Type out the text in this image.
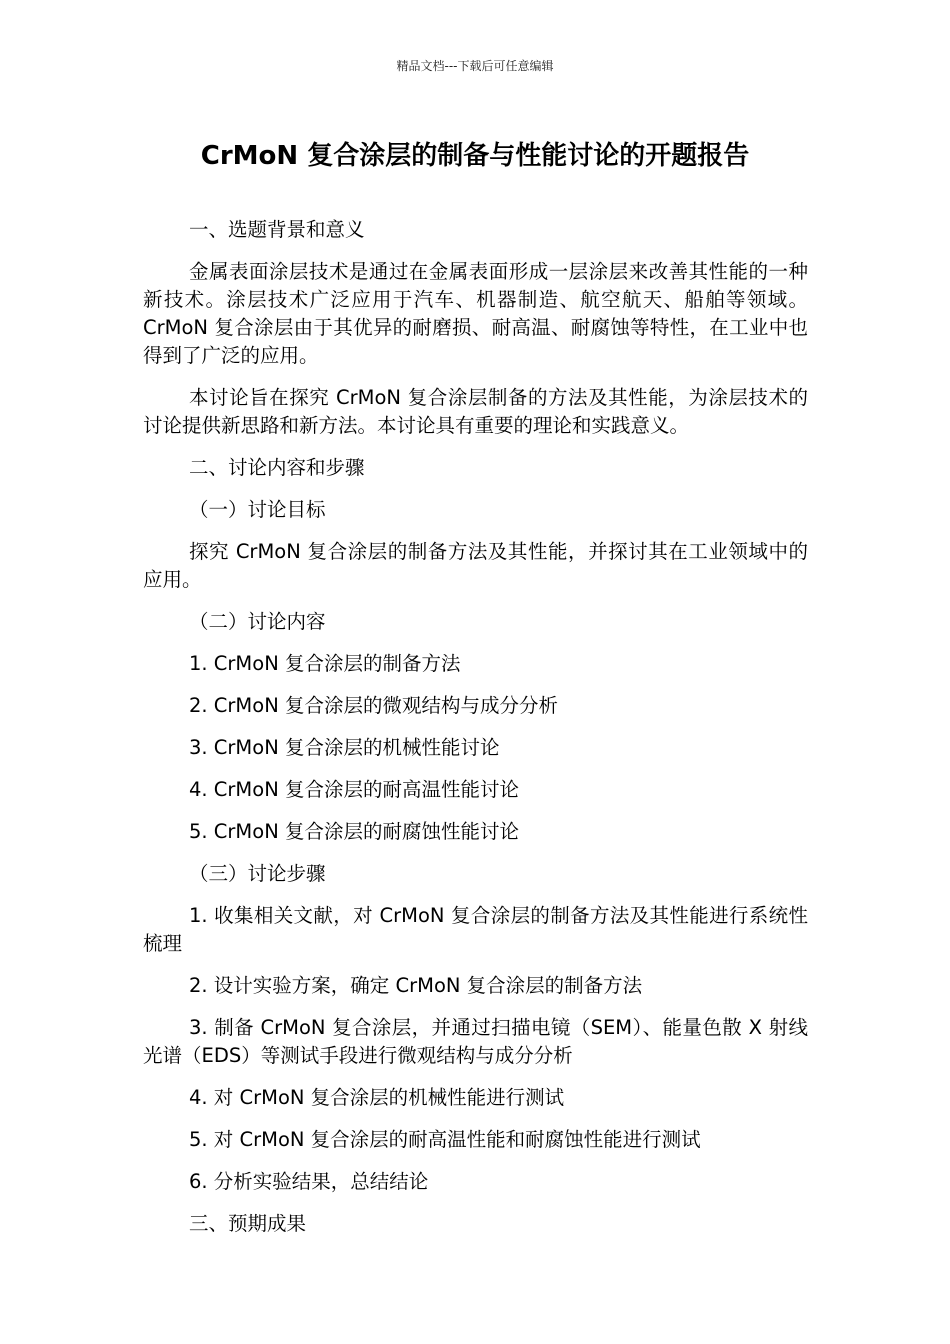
精品文档---下载后可任意编辑
CrMoN 复合涂层的制备与性能讨论的开题报告

一、选题背景和意义

金属表面涂层技术是通过在金属表面形成一层涂层来改善其性能的一种新技术。涂层技术广泛应用于汽车、机器制造、航空航天、船舶等领域。CrMoN 复合涂层由于其优异的耐磨损、耐高温、耐腐蚀等特性，在工业中也得到了广泛的应用。

本讨论旨在探究 CrMoN 复合涂层制备的方法及其性能，为涂层技术的讨论提供新思路和新方法。本讨论具有重要的理论和实践意义。

二、讨论内容和步骤

（一）讨论目标

探究 CrMoN 复合涂层的制备方法及其性能，并探讨其在工业领域中的应用。

（二）讨论内容

1. CrMoN 复合涂层的制备方法

2. CrMoN 复合涂层的微观结构与成分分析

3. CrMoN 复合涂层的机械性能讨论

4. CrMoN 复合涂层的耐高温性能讨论

5. CrMoN 复合涂层的耐腐蚀性能讨论

（三）讨论步骤

1. 收集相关文献，对 CrMoN 复合涂层的制备方法及其性能进行系统性梳理

2. 设计实验方案，确定 CrMoN 复合涂层的制备方法

3. 制备 CrMoN 复合涂层，并通过扫描电镜（SEM）、能量色散 X 射线光谱（EDS）等测试手段进行微观结构与成分分析

4. 对 CrMoN 复合涂层的机械性能进行测试

5. 对 CrMoN 复合涂层的耐高温性能和耐腐蚀性能进行测试

6. 分析实验结果，总结结论

三、预期成果
